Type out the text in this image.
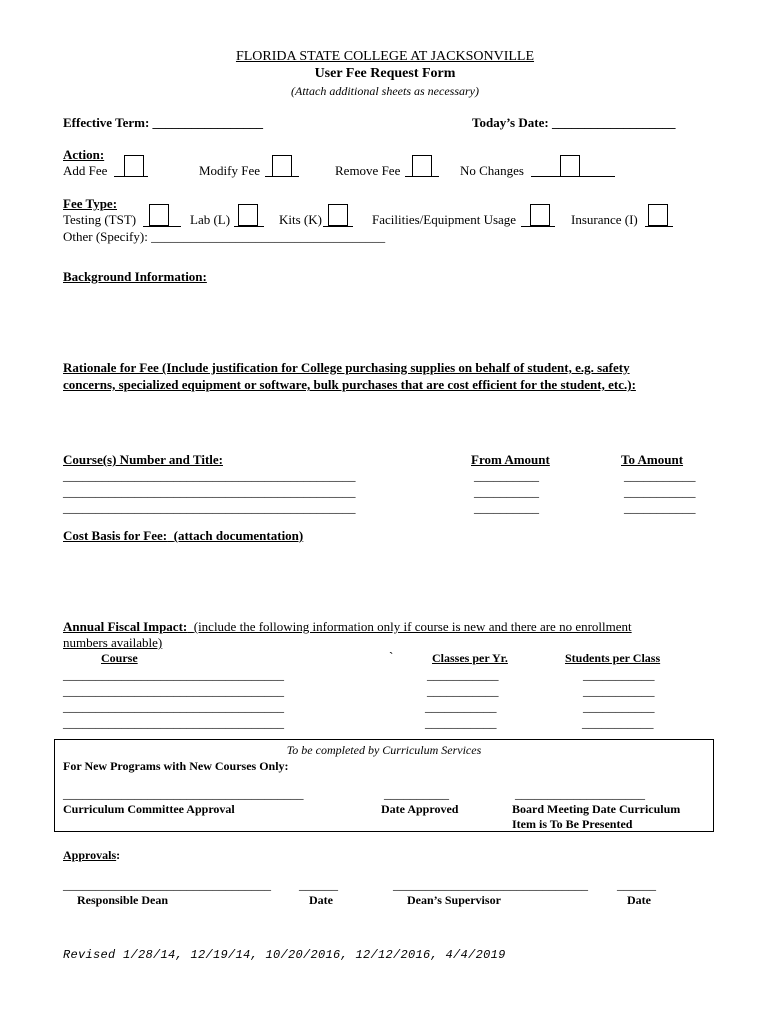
FLORIDA STATE COLLEGE AT JACKSONVILLE
User Fee Request Form
(Attach additional sheets as necessary)
Effective Term: _________________	Today’s Date: ___________________
Action:
Add Fee	Modify Fee	Remove Fee	No Changes
Fee Type:
Testing (TST)	Lab (L)	Kits (K)	Facilities/Equipment Usage	Insurance (I)
Other (Specify): ____________________________________
Background Information:
Rationale for Fee (Include justification for College purchasing supplies on behalf of student, e.g. safety
concerns, specialized equipment or software, bulk purchases that are cost efficient for the student, etc.):
Course(s) Number and Title:	From Amount	To Amount
_____________________________________________	__________	___________
_____________________________________________	__________	___________
_____________________________________________	__________	___________
Cost Basis for Fee: (attach documentation)
Annual Fiscal Impact: (include the following information only if course is new and there are no enrollment
numbers available)
Course	`	Classes per Yr.	Students per Class
__________________________________	___________	___________
__________________________________	___________	___________
__________________________________	___________	___________
__________________________________	___________	___________
To be completed by Curriculum Services
For New Programs with New Courses Only:
_____________________________________	__________	____________________
Curriculum Committee Approval	Date Approved	Board Meeting Date Curriculum
Item is To Be Presented
Approvals:
________________________________ ______	______________________________ ______
Responsible Dean	Date	Dean’s Supervisor	Date
Revised 1/28/14, 12/19/14, 10/20/2016, 12/12/2016, 4/4/2019
